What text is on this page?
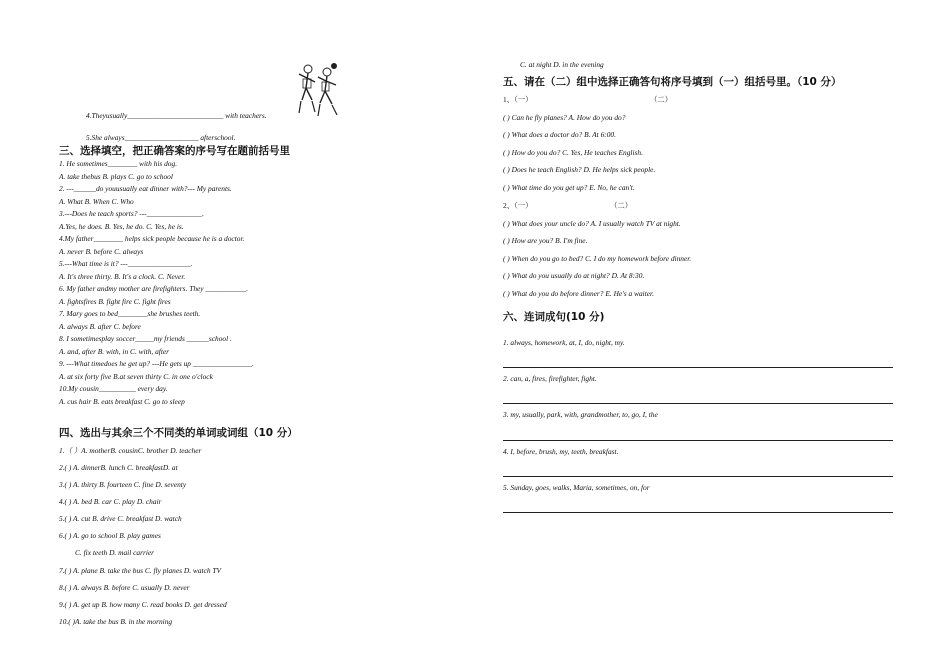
4.Theyusually__________________________ with teachers.
5.She always____________________ afterschool.
三、选择填空，把正确答案的序号写在题前括号里
1. He sometimes________ with his dog.
A. take thebus B. plays C. go to school
2. ---______do youusually eat dinner with?--- My parents.
A. What B. When C. Who
3.---Does he teach sports? ---_______________.
A.Yes, he does. B. Yes, he do. C. Yes, he is.
4.My father________ helps sick people because he is a doctor.
A. never B. before C. always
5.---What time is it? ---_________________.
A. It's three thirty. B. It's a clock. C. Never.
6. My father andmy mother are firefighters. They ___________.
A. fightsfires B. fight fire C. fight fires
7. Mary goes to bed________she brushes teeth.
A. always B. after C. before
8. I sometimesplay soccer_____my friends ______school .
A. and, after B. with, in C. with, after
9. ---What timedoes he get up? ---He gets up ________________.
A. at six forty five B.at seven thirty C. in one o'clock
10.My cousin__________ every day.
A. cus hair B. eats breakfast C. go to sleep
四、选出与其余三个不同类的单词或词组（10 分）
1.（ ）A. motherB. cousinC. brother D. teacher
2.( ) A. dinnerB. lunch C. breakfastD. at
3.( ) A. thirty B. fourteen C. fine D. seventy
4.( ) A. bed B. car C. play D. chair
5.( ) A. cut B. drive C. breakfast D. watch
6.( ) A. go to school B. play games
C. fix teeth D. mail carrier
7.( ) A. plane B. take the bus C. fly planes D. watch TV
8.( ) A. always B. before C. usually D. never
9.( ) A. get up B. how many C. read books D. get dressed
10.( )A. take the bus B. in the morning
C. at night D. in the evening
五、请在（二）组中选择正确答句将序号填到（一）组括号里。（10 分）
1、（一）	（二）
( ) Can he fly planes? A. How do you do?
( ) What does a doctor do? B. At 6:00.
( ) How do you do? C. Yes, He teaches English.
( ) Does he teach English? D. He helps sick people.
( ) What time do you get up? E. No, he can't.
2、（一）	（二）
( ) What does your uncle do? A. I usually watch TV at night.
( ) How are you? B. I'm fine.
( ) When do you go to bed? C. I do my homework before dinner.
( ) What do you usually do at night? D. At 8:30.
( ) What do you do before dinner? E. He's a waiter.
六、连词成句(10 分)
1. always, homework, at, I, do, night, my.
2. can, a, fires, firefighter, fight.
3. my, usually, park, with, grandmother, to, go, I, the
4. I, before, brush, my, teeth, breakfast.
5. Sunday, goes, walks, Maria, sometimes, on, for
